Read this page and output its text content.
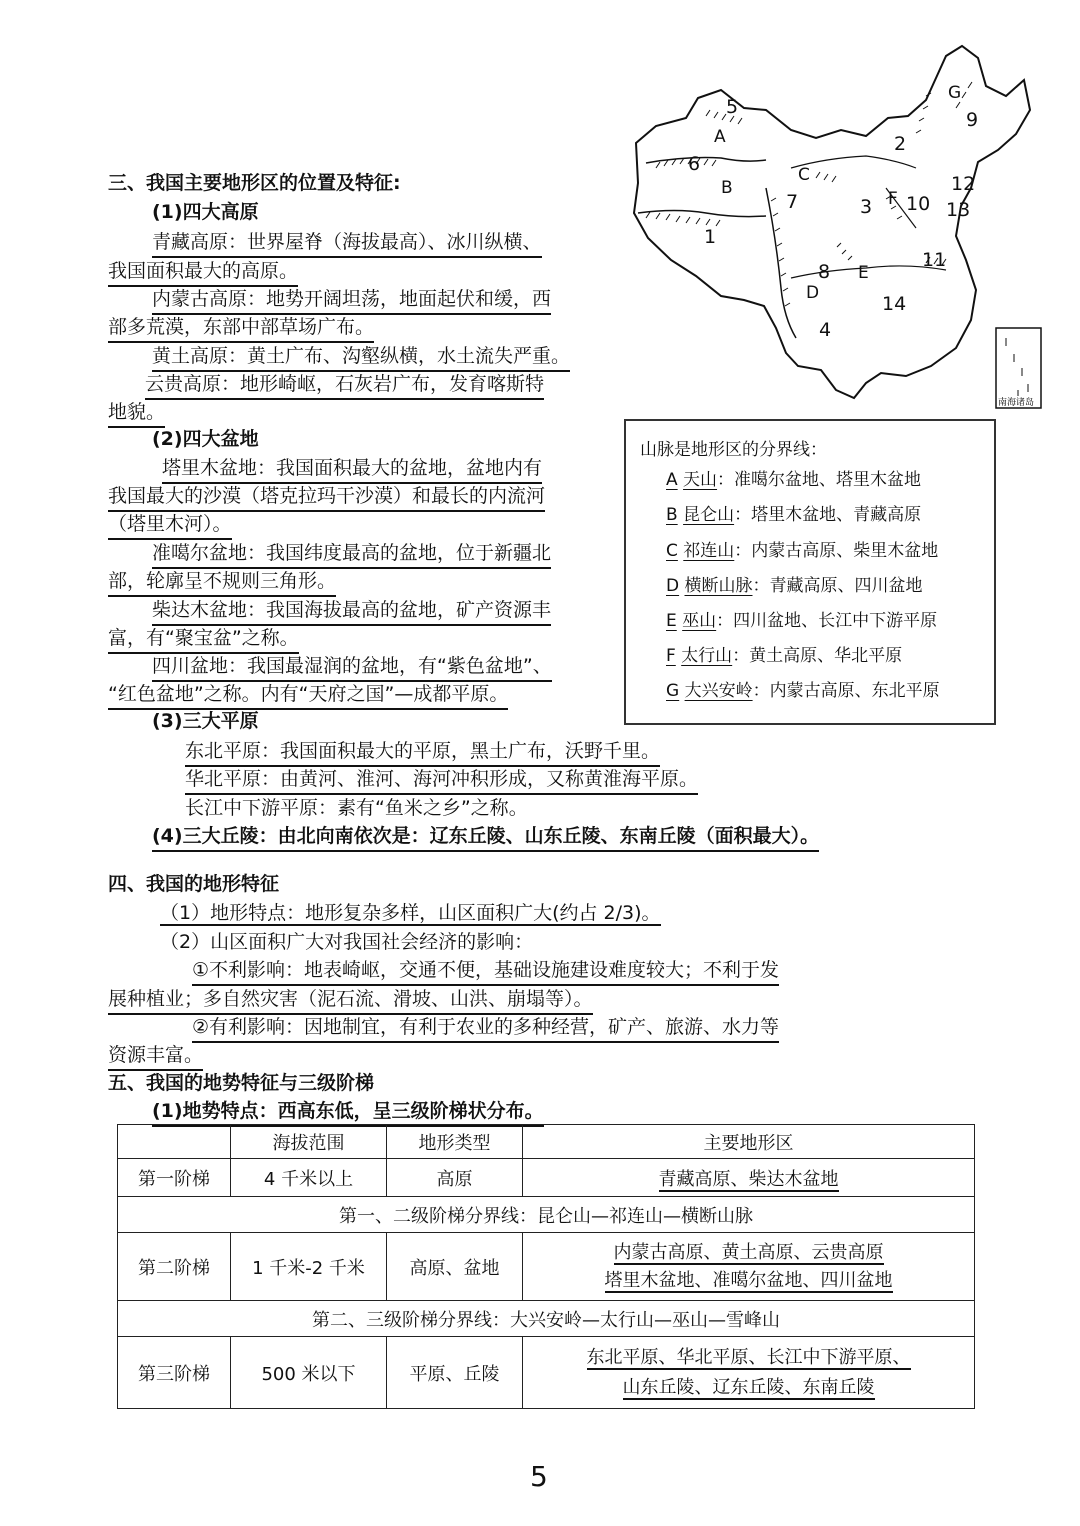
南海诸岛
1
2
3
4
5
6
7
8
9
10
11
12
13
14
A
B
C
D
E
F
G
三、我国主要地形区的位置及特征:
(1)四大高原
青藏高原：世界屋脊（海拔最高）、冰川纵横、
我国面积最大的高原。
内蒙古高原：地势开阔坦荡，地面起伏和缓，西
部多荒漠，东部中部草场广布。
黄土高原：黄土广布、沟壑纵横，水土流失严重。
云贵高原：地形崎岖，石灰岩广布，发育喀斯特
地貌。
(2)四大盆地
塔里木盆地：我国面积最大的盆地，盆地内有
我国最大的沙漠（塔克拉玛干沙漠）和最长的内流河
（塔里木河）。
准噶尔盆地：我国纬度最高的盆地，位于新疆北
部，轮廓呈不规则三角形。
柴达木盆地：我国海拔最高的盆地，矿产资源丰
富，有“聚宝盆”之称。
四川盆地：我国最湿润的盆地，有“紫色盆地”、
“红色盆地”之称。内有“天府之国”—成都平原。
(3)三大平原
东北平原：我国面积最大的平原，黑土广布，沃野千里。
华北平原：由黄河、淮河、海河冲积形成，又称黄淮海平原。
长江中下游平原：素有“鱼米之乡”之称。
(4)三大丘陵：由北向南依次是：辽东丘陵、山东丘陵、东南丘陵（面积最大）。
山脉是地形区的分界线：
A 天山：准噶尔盆地、塔里木盆地
B 昆仑山：塔里木盆地、青藏高原
C 祁连山：内蒙古高原、柴里木盆地
D 横断山脉：青藏高原、四川盆地
E 巫山：四川盆地、长江中下游平原
F 太行山：黄土高原、华北平原
G 大兴安岭：内蒙古高原、东北平原
四、我国的地形特征
（1）地形特点：地形复杂多样，山区面积广大(约占 2/3)。
（2）山区面积广大对我国社会经济的影响：
①不利影响：地表崎岖，交通不便，基础设施建设难度较大；不利于发
展种植业；多自然灾害（泥石流、滑坡、山洪、崩塌等）。
②有利影响：因地制宜，有利于农业的多种经营，矿产、旅游、水力等
资源丰富。
五、我国的地势特征与三级阶梯
(1)地势特点：西高东低，呈三级阶梯状分布。
	海拔范围	地形类型	主要地形区
第一阶梯	4 千米以上	高原	青藏高原、柴达木盆地
第一、二级阶梯分界线：昆仑山—祁连山—横断山脉			
第二阶梯	1 千米-2 千米	高原、盆地	内蒙古高原、黄土高原、云贵高原
塔里木盆地、准噶尔盆地、四川盆地
第二、三级阶梯分界线：大兴安岭—太行山—巫山—雪峰山			
第三阶梯	500 米以下	平原、丘陵	东北平原、华北平原、长江中下游平原、
山东丘陵、辽东丘陵、东南丘陵
5
